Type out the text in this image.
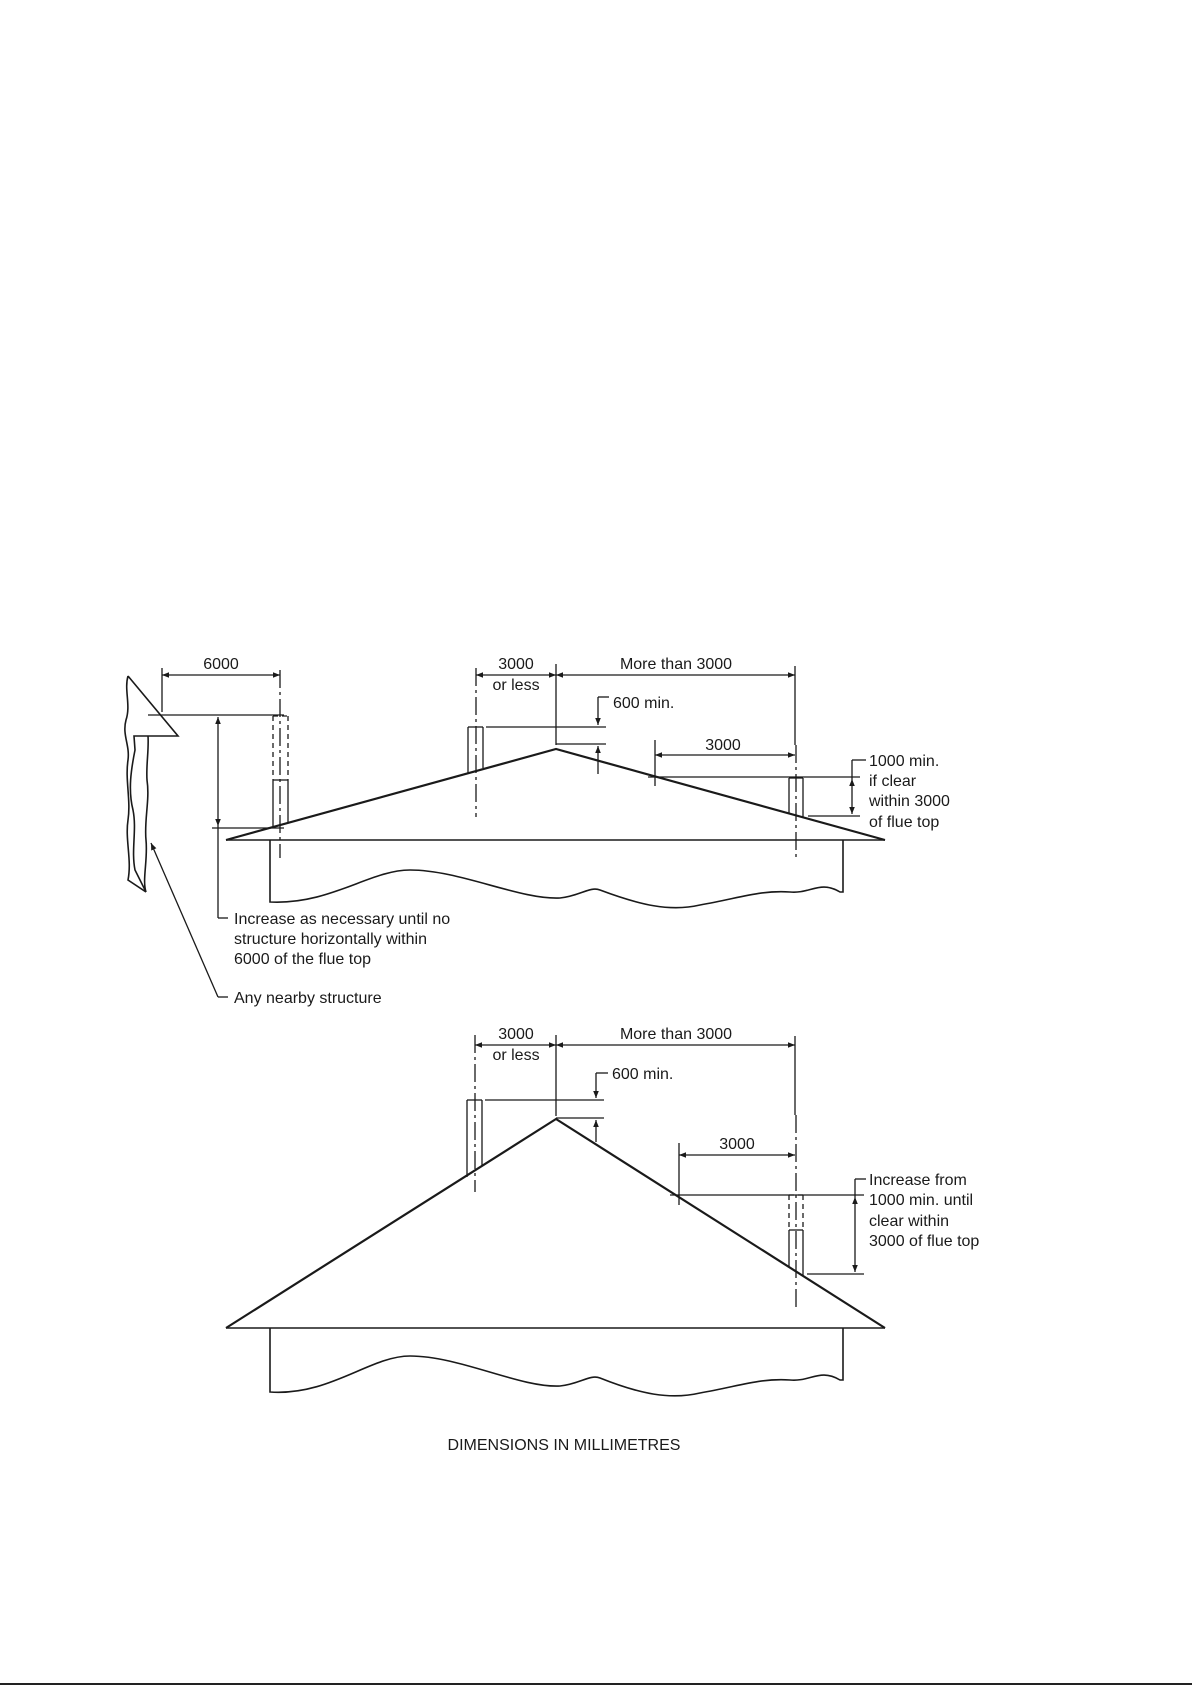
6000	3000
or less
More than 3000
600 min.
3000
1000 min. if clear within 3000 of flue top
Increase as necessary until no structure horizontally within 6000 of the flue top
Any nearby structure
3000
or less
More than 3000
600 min.
3000
Increase from 1000 min. until clear within 3000 of flue top
DIMENSIONS IN MILLIMETRES
